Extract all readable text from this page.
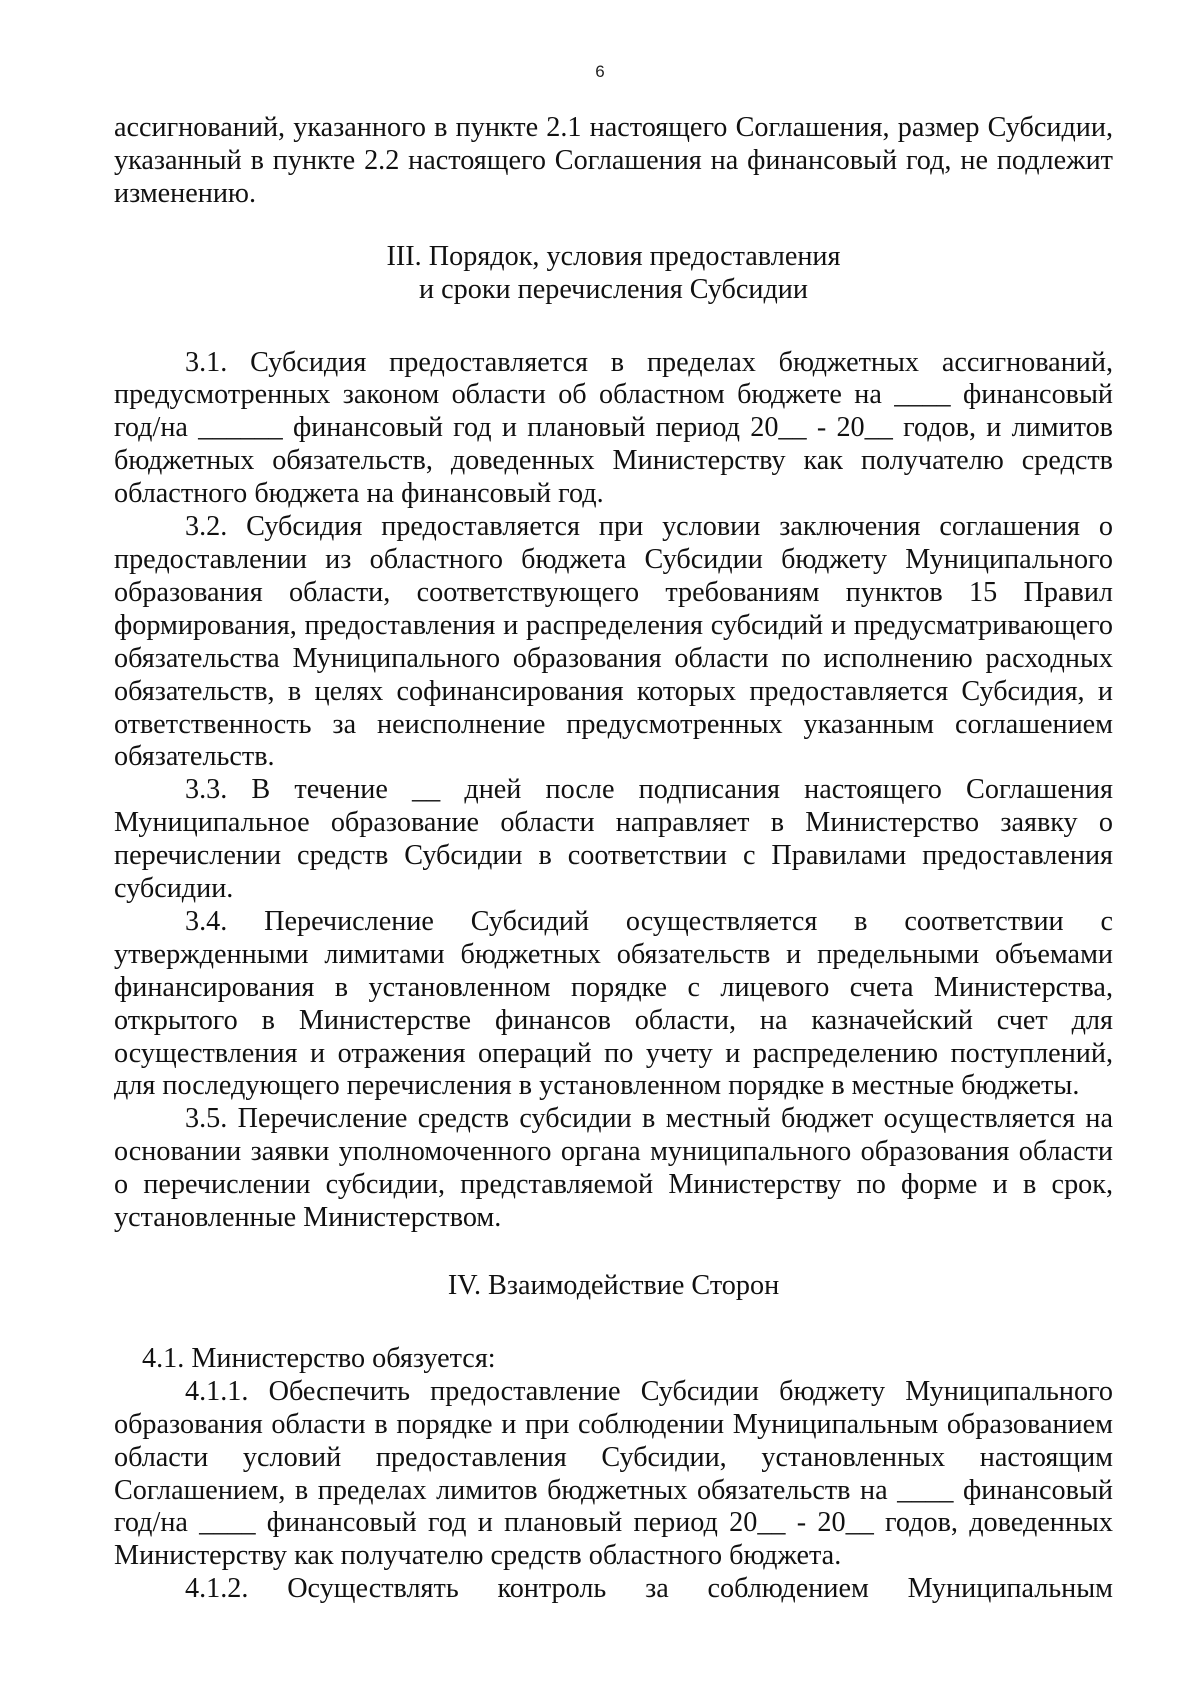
6

ассигнований, указанного в пункте 2.1 настоящего Соглашения, размер Субсидии, указанный в пункте 2.2 настоящего Соглашения на финансовый год, не подлежит изменению.

III. Порядок, условия предоставления
и сроки перечисления Субсидии

3.1. Субсидия предоставляется в пределах бюджетных ассигнований, предусмотренных законом области об областном бюджете на ____ финансовый год/на ______ финансовый год и плановый период 20__ - 20__ годов, и лимитов бюджетных обязательств, доведенных Министерству как получателю средств областного бюджета на финансовый год.

3.2. Субсидия предоставляется при условии заключения соглашения о предоставлении из областного бюджета Субсидии бюджету Муниципального образования области, соответствующего требованиям пунктов 15 Правил формирования, предоставления и распределения субсидий и предусматривающего обязательства Муниципального образования области по исполнению расходных обязательств, в целях софинансирования которых предоставляется Субсидия, и ответственность за неисполнение предусмотренных указанным соглашением обязательств.

3.3. В течение __ дней после подписания настоящего Соглашения Муниципальное образование области направляет в Министерство заявку о перечислении средств Субсидии в соответствии с Правилами предоставления субсидии.

3.4. Перечисление Субсидий осуществляется в соответствии с утвержденными лимитами бюджетных обязательств и предельными объемами финансирования в установленном порядке с лицевого счета Министерства, открытого в Министерстве финансов области, на казначейский счет для осуществления и отражения операций по учету и распределению поступлений, для последующего перечисления в установленном порядке в местные бюджеты.

3.5. Перечисление средств субсидии в местный бюджет осуществляется на основании заявки уполномоченного органа муниципального образования области о перечислении субсидии, представляемой Министерству по форме и в срок, установленные Министерством.

IV. Взаимодействие Сторон

4.1. Министерство обязуется:

4.1.1. Обеспечить предоставление Субсидии бюджету Муниципального образования области в порядке и при соблюдении Муниципальным образованием области условий предоставления Субсидии, установленных настоящим Соглашением, в пределах лимитов бюджетных обязательств на ____ финансовый год/на ____ финансовый год и плановый период 20__ - 20__ годов, доведенных Министерству как получателю средств областного бюджета.

4.1.2. Осуществлять контроль за соблюдением Муниципальным
